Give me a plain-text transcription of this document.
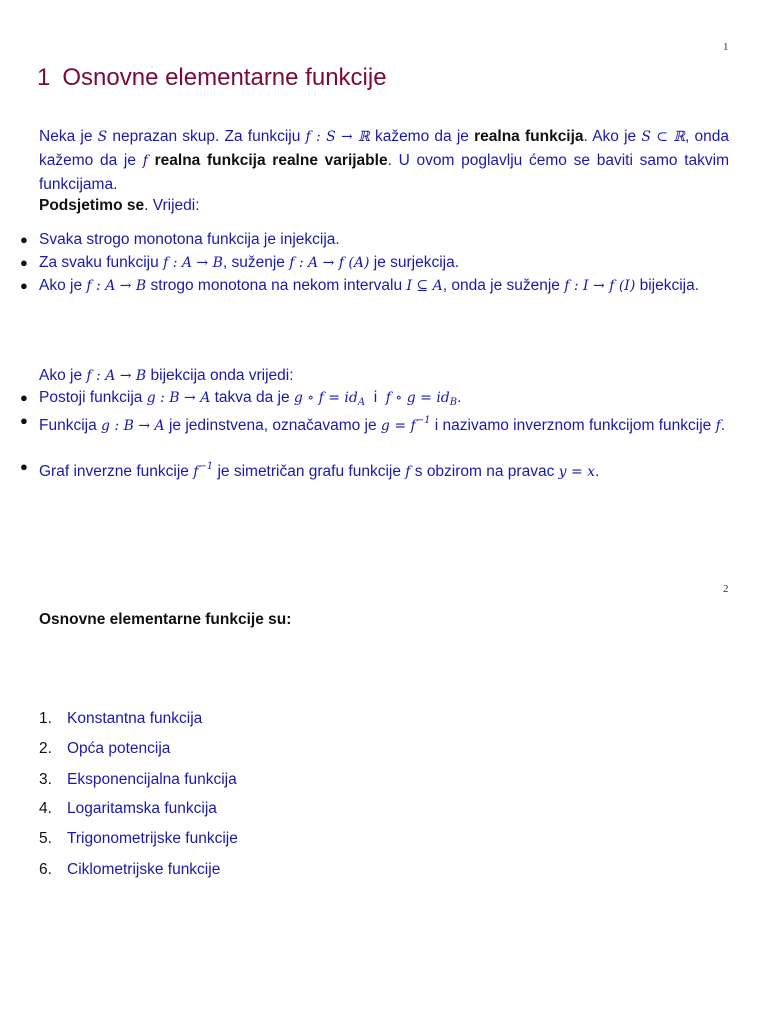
1
1 Osnovne elementarne funkcije
Neka je S neprazan skup. Za funkciju f : S → ℝ kažemo da je realna funkcija. Ako je S ⊂ ℝ, onda kažemo da je f realna funkcija realne varijable. U ovom poglavlju ćemo se baviti samo takvim funkcijama.
Podsjetimo se. Vrijedi:
● Svaka strogo monotona funkcija je injekcija.
● Za svaku funkciju f : A → B, suženje f : A → f (A) je surjekcija.
● Ako je f : A → B strogo monotona na nekom intervalu I ⊆ A, onda je suženje f : I → f (I) bijekcija.
Ako je f : A → B bijekcija onda vrijedi:
● Postoji funkcija g : B → A takva da je g ∘ $f = id_A$  i  f ∘ $g = id_B$.
● Funkcija g : B → A je jedinstvena, označavamo je $g = f^{-1}$ i nazivamo inverznom funkcijom funkcije f.
● Graf inverzne funkcije $f^{-1}$ je simetričan grafu funkcije f s obzirom na pravac y = x.
2
Osnovne elementarne funkcije su:
1. Konstantna funkcija
2. Opća potencija
3. Eksponencijalna funkcija
4. Logaritamska funkcija
5. Trigonometrijske funkcije
6. Ciklometrijske funkcije
